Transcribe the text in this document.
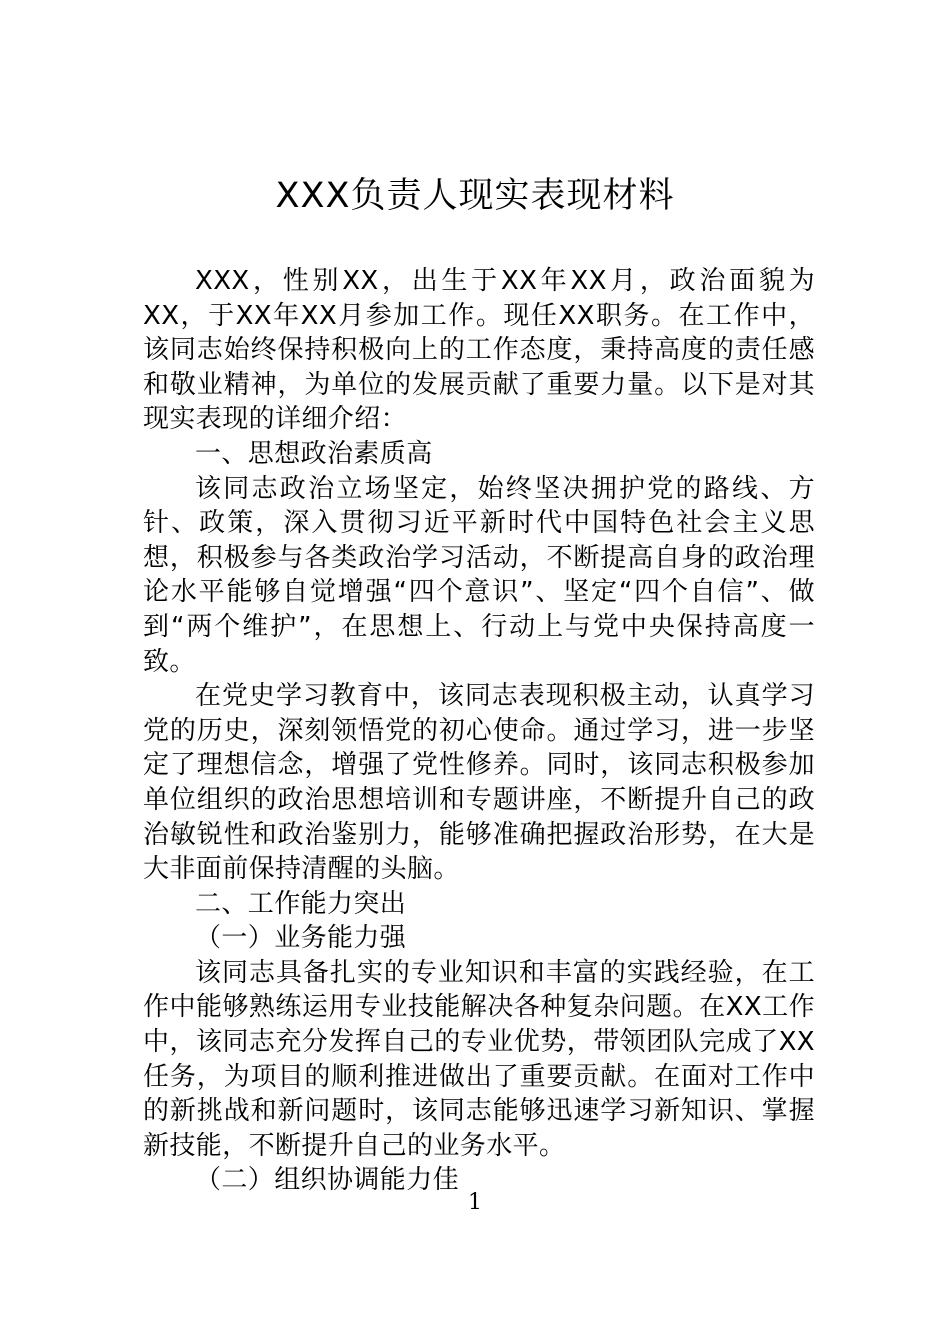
XXX负责人现实表现材料

XXX，性别XX，出生于XX年XX月，政治面貌为XX，于XX年XX月参加工作。现任XX职务。在工作中，该同志始终保持积极向上的工作态度，秉持高度的责任感和敬业精神，为单位的发展贡献了重要力量。以下是对其现实表现的详细介绍：

一、思想政治素质高

该同志政治立场坚定，始终坚决拥护党的路线、方针、政策，深入贯彻习近平新时代中国特色社会主义思想，积极参与各类政治学习活动，不断提高自身的政治理论水平能够自觉增强“四个意识”、坚定“四个自信”、做到“两个维护”，在思想上、行动上与党中央保持高度一致。

在党史学习教育中，该同志表现积极主动，认真学习党的历史，深刻领悟党的初心使命。通过学习，进一步坚定了理想信念，增强了党性修养。同时，该同志积极参加单位组织的政治思想培训和专题讲座，不断提升自己的政治敏锐性和政治鉴别力，能够准确把握政治形势，在大是大非面前保持清醒的头脑。

二、工作能力突出

（一）业务能力强

该同志具备扎实的专业知识和丰富的实践经验，在工作中能够熟练运用专业技能解决各种复杂问题。在XX工作中，该同志充分发挥自己的专业优势，带领团队完成了XX任务，为项目的顺利推进做出了重要贡献。在面对工作中的新挑战和新问题时，该同志能够迅速学习新知识、掌握新技能，不断提升自己的业务水平。

（二）组织协调能力佳

1
